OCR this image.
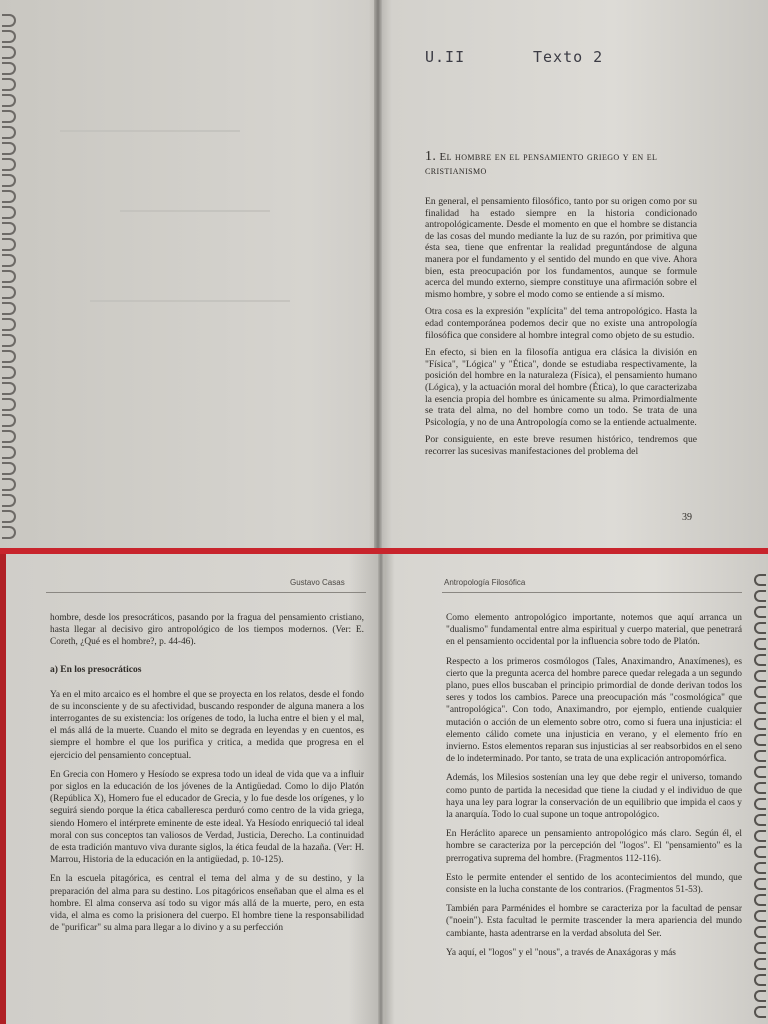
U.II	Texto 2
1. El hombre en el pensamiento griego y en el cristianismo

En general, el pensamiento filosófico, tanto por su origen como por su finalidad ha estado siempre en la historia condicionado antropológicamente. Desde el momento en que el hombre se distancia de las cosas del mundo mediante la luz de su razón, por primitiva que ésta sea, tiene que enfrentar la realidad preguntándose de alguna manera por el fundamento y el sentido del mundo en que vive. Ahora bien, esta preocupación por los fundamentos, aunque se formule acerca del mundo externo, siempre constituye una afirmación sobre el mismo hombre, y sobre el modo como se entiende a sí mismo.

Otra cosa es la expresión "explícita" del tema antropológico. Hasta la edad contemporánea podemos decir que no existe una antropología filosófica que considere al hombre integral como objeto de su estudio.

En efecto, si bien en la filosofía antigua era clásica la división en "Física", "Lógica" y "Ética", donde se estudiaba respectivamente, la posición del hombre en la naturaleza (Física), el pensamiento humano (Lógica), y la actuación moral del hombre (Ética), lo que caracterizaba la esencia propia del hombre es únicamente su alma. Primordialmente se trata del alma, no del hombre como un todo. Se trata de una Psicología, y no de una Antropología como se la entiende actualmente.

Por consiguiente, en este breve resumen histórico, tendremos que recorrer las sucesivas manifestaciones del problema del

39
Gustavo Casas	Antropología Filosófica

hombre, desde los presocráticos, pasando por la fragua del pensamiento cristiano, hasta llegar al decisivo giro antropológico de los tiempos modernos. (Ver: E. Coreth, ¿Qué es el hombre?, p. 44-46).

a) En los presocráticos

Ya en el mito arcaico es el hombre el que se proyecta en los relatos, desde el fondo de su inconsciente y de su afectividad, buscando responder de alguna manera a los interrogantes de su existencia: los orígenes de todo, la lucha entre el bien y el mal, el más allá de la muerte. Cuando el mito se degrada en leyendas y en cuentos, es siempre el hombre el que los purifica y critica, a medida que progresa en el ejercicio del pensamiento conceptual.

En Grecia con Homero y Hesíodo se expresa todo un ideal de vida que va a influir por siglos en la educación de los jóvenes de la Antigüedad. Como lo dijo Platón (República X), Homero fue el educador de Grecia, y lo fue desde los orígenes, y lo seguirá siendo porque la ética caballeresca perduró como centro de la vida griega, siendo Homero el intérprete eminente de este ideal. Ya Hesíodo enriqueció tal ideal moral con sus conceptos tan valiosos de Verdad, Justicia, Derecho. La continuidad de esta tradición mantuvo viva durante siglos, la ética feudal de la hazaña. (Ver: H. Marrou, Historia de la educación en la antigüedad, p. 10-125).

En la escuela pitagórica, es central el tema del alma y de su destino, y la preparación del alma para su destino. Los pitagóricos enseñaban que el alma es el hombre. El alma conserva así todo su vigor más allá de la muerte, pero, en esta vida, el alma es como la prisionera del cuerpo. El hombre tiene la responsabilidad de "purificar" su alma para llegar a lo divino y a su perfección

Como elemento antropológico importante, notemos que aquí arranca un "dualismo" fundamental entre alma espiritual y cuerpo material, que penetrará en el pensamiento occidental por la influencia sobre todo de Platón.

Respecto a los primeros cosmólogos (Tales, Anaximandro, Anaxímenes), es cierto que la pregunta acerca del hombre parece quedar relegada a un segundo plano, pues ellos buscaban el principio primordial de donde derivan todos los seres y todos los cambios. Parece una preocupación más "cosmológica" que "antropológica". Con todo, Anaximandro, por ejemplo, entiende cualquier mutación o acción de un elemento sobre otro, como si fuera una injusticia: el elemento cálido comete una injusticia en verano, y el elemento frío en invierno. Estos elementos reparan sus injusticias al ser reabsorbidos en el seno de lo indeterminado. Por tanto, se trata de una explicación antropomórfica.

Además, los Milesios sostenían una ley que debe regir el universo, tomando como punto de partida la necesidad que tiene la ciudad y el individuo de que haya una ley para lograr la conservación de un equilibrio que impida el caos y la anarquía. Todo lo cual supone un toque antropológico.

En Heráclito aparece un pensamiento antropológico más claro. Según él, el hombre se caracteriza por la percepción del "logos". El "pensamiento" es la prerrogativa suprema del hombre. (Fragmentos 112-116).

Esto le permite entender el sentido de los acontecimientos del mundo, que consiste en la lucha constante de los contrarios. (Fragmentos 51-53).

También para Parménides el hombre se caracteriza por la facultad de pensar ("noein"). Esta facultad le permite trascender la mera apariencia del mundo cambiante, hasta adentrarse en la verdad absoluta del Ser.

Ya aquí, el "logos" y el "nous", a través de Anaxágoras y más
